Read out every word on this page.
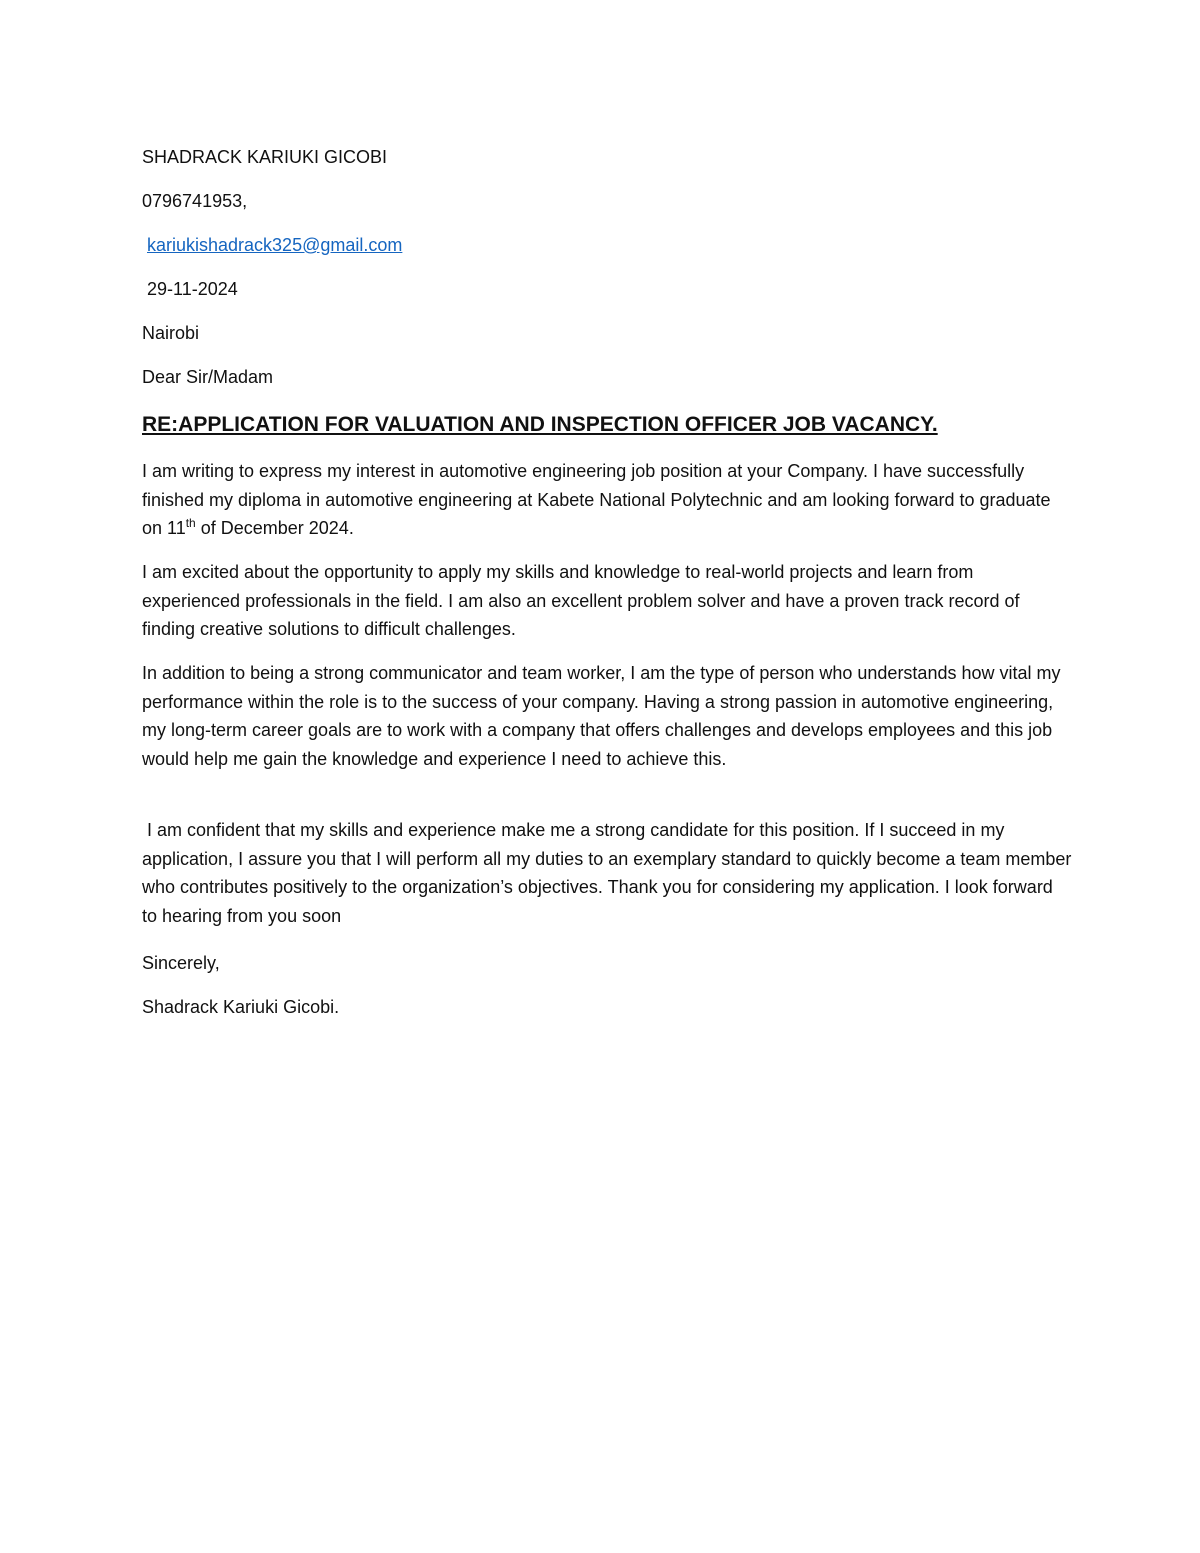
SHADRACK KARIUKI GICOBI
0796741953,
kariukishadrack325@gmail.com
29-11-2024
Nairobi
Dear Sir/Madam
RE:APPLICATION FOR VALUATION AND INSPECTION OFFICER JOB VACANCY.

I am writing to express my interest in automotive engineering job position at your Company. I have successfully finished my diploma in automotive engineering at Kabete National Polytechnic and am looking forward to graduate on 11th of December 2024.

I am excited about the opportunity to apply my skills and knowledge to real-world projects and learn from experienced professionals in the field. I am also an excellent problem solver and have a proven track record of finding creative solutions to difficult challenges.

In addition to being a strong communicator and team worker, I am the type of person who understands how vital my performance within the role is to the success of your company. Having a strong passion in automotive engineering, my long-term career goals are to work with a company that offers challenges and develops employees and this job would help me gain the knowledge and experience I need to achieve this.

I am confident that my skills and experience make me a strong candidate for this position. If I succeed in my application, I assure you that I will perform all my duties to an exemplary standard to quickly become a team member who contributes positively to the organization’s objectives. Thank you for considering my application. I look forward to hearing from you soon

Sincerely,
Shadrack Kariuki Gicobi.
